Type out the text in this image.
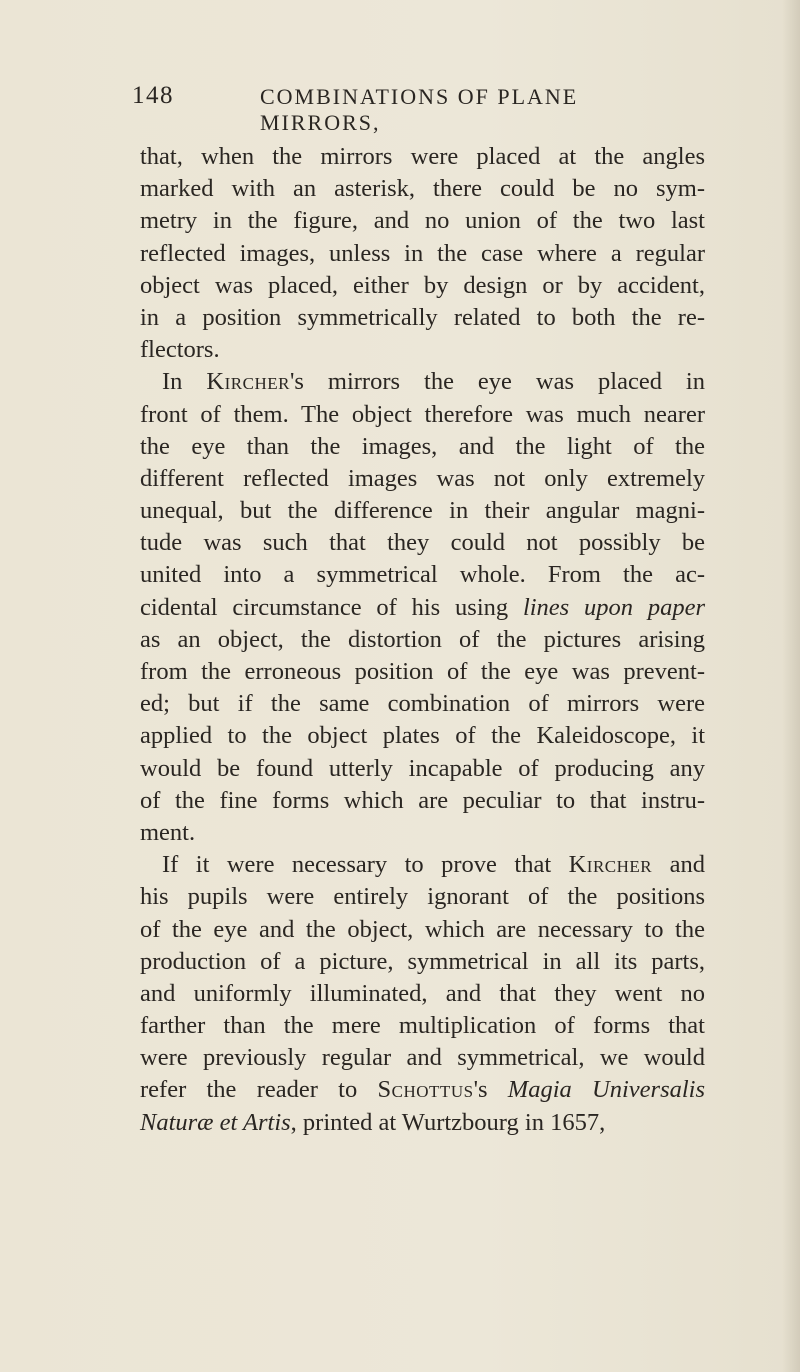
148	COMBINATIONS OF PLANE MIRRORS,
that, when the mirrors were placed at the angles
marked with an asterisk, there could be no sym-
metry in the figure, and no union of the two last
reflected images, unless in the case where a regular
object was placed, either by design or by accident,
in a position symmetrically related to both the re-
flectors.
In Kircher's mirrors the eye was placed in
front of them. The object therefore was much nearer
the eye than the images, and the light of the
different reflected images was not only extremely
unequal, but the difference in their angular magni-
tude was such that they could not possibly be
united into a symmetrical whole. From the ac-
cidental circumstance of his using lines upon paper
as an object, the distortion of the pictures arising
from the erroneous position of the eye was prevent-
ed; but if the same combination of mirrors were
applied to the object plates of the Kaleidoscope, it
would be found utterly incapable of producing any
of the fine forms which are peculiar to that instru-
ment.
If it were necessary to prove that Kircher and
his pupils were entirely ignorant of the positions
of the eye and the object, which are necessary to the
production of a picture, symmetrical in all its parts,
and uniformly illuminated, and that they went no
farther than the mere multiplication of forms that
were previously regular and symmetrical, we would
refer the reader to Schottus's Magia Universalis
Naturæ et Artis, printed at Wurtzbourg in 1657,
